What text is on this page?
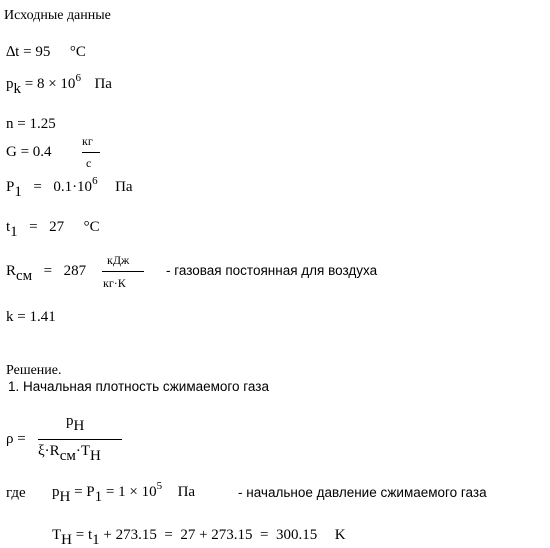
Исходные данные
∆t = 95 °C
pk = $8 \times 10^6$ Па
n = 1.25
G = 0.4
кг
с
$P1 = 0.1\cdot 10^6$ Па
t1 = 27 °C
Rсм = 287
кДж
кг·К
- газовая постоянная для воздуха
k = 1.41
Решение.
1. Начальная плотность сжимаемого газа
ρ =
pH
ξ·Rсм·TH
где pH = $P1 = 1 \times 10^5$ Па	- начальное давление сжимаемого газа
TH = t1 + 273.15  =  27 + 273.15  =  300.15 K
